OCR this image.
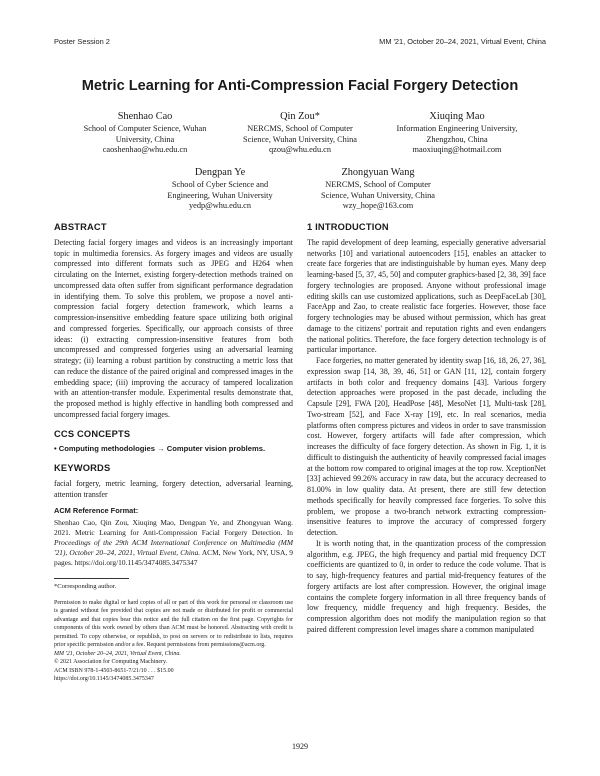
Poster Session 2	MM '21, October 20–24, 2021, Virtual Event, China
Metric Learning for Anti-Compression Facial Forgery Detection
Shenhao Cao
School of Computer Science, Wuhan
University, China
caoshenhao@whu.edu.cn
Qin Zou*
NERCMS, School of Computer
Science, Wuhan University, China
qzou@whu.edu.cn
Xiuqing Mao
Information Engineering University,
Zhengzhou, China
maoxiuqing@hotmail.com
Dengpan Ye
School of Cyber Science and
Engineering, Wuhan University
yedp@whu.edu.cn
Zhongyuan Wang
NERCMS, School of Computer
Science, Wuhan University, China
wzy_hope@163.com
ABSTRACT

Detecting facial forgery images and videos is an increasingly important topic in multimedia forensics. As forgery images and videos are usually compressed into different formats such as JPEG and H264 when circulating on the Internet, existing forgery-detection methods trained on uncompressed data often suffer from significant performance degradation in identifying them. To solve this problem, we propose a novel anti-compression facial forgery detection framework, which learns a compression-insensitive embedding feature space utilizing both original and compressed forgeries. Specifically, our approach consists of three ideas: (i) extracting compression-insensitive features from both uncompressed and compressed forgeries using an adversarial learning strategy; (ii) learning a robust partition by constructing a metric loss that can reduce the distance of the paired original and compressed images in the embedding space; (iii) improving the accuracy of tampered localization with an attention-transfer module. Experimental results demonstrate that, the proposed method is highly effective in handling both compressed and uncompressed facial forgery images.

CCS CONCEPTS

• Computing methodologies → Computer vision problems.

KEYWORDS

facial forgery, metric learning, forgery detection, adversarial learning, attention transfer

ACM Reference Format:

Shenhao Cao, Qin Zou, Xiuqing Mao, Dengpan Ye, and Zhongyuan Wang. 2021. Metric Learning for Anti-Compression Facial Forgery Detection. In Proceedings of the 29th ACM International Conference on Multimedia (MM '21), October 20–24, 2021, Virtual Event, China. ACM, New York, NY, USA, 9 pages. https://doi.org/10.1145/3474085.3475347

*Corresponding author.

Permission to make digital or hard copies of all or part of this work for personal or classroom use is granted without fee provided that copies are not made or distributed for profit or commercial advantage and that copies bear this notice and the full citation on the first page. Copyrights for components of this work owned by others than ACM must be honored. Abstracting with credit is permitted. To copy otherwise, or republish, to post on servers or to redistribute to lists, requires prior specific permission and/or a fee. Request permissions from permissions@acm.org.

MM '21, October 20–24, 2021, Virtual Event, China.

© 2021 Association for Computing Machinery.

ACM ISBN 978-1-4503-8651-7/21/10 . . . $15.00

https://doi.org/10.1145/3474085.3475347

1 INTRODUCTION

The rapid development of deep learning, especially generative adversarial networks [10] and variational autoencoders [15], enables an attacker to create face forgeries that are indistinguishable by human eyes. Many deep learning-based [5, 37, 45, 50] and computer graphics-based [2, 38, 39] face forgery technologies are proposed. Anyone without professional image editing skills can use customized applications, such as DeepFaceLab [30], FaceApp and Zao, to create realistic face forgeries. However, those face forgery technologies may be abused without permission, which has great damage to the citizens' portrait and reputation rights and even endangers the national politics. Therefore, the face forgery detection technology is of particular importance.

Face forgeries, no matter generated by identity swap [16, 18, 26, 27, 36], expression swap [14, 38, 39, 46, 51] or GAN [11, 12], contain forgery artifacts in both color and frequency domains [43]. Various forgery detection approaches were proposed in the past decade, including the Capsule [29], FWA [20], HeadPose [48], MesoNet [1], Multi-task [28], Two-stream [52], and Face X-ray [19], etc. In real scenarios, media platforms often compress pictures and videos in order to save transmission cost. However, forgery artifacts will fade after compression, which increases the difficulty of face forgery detection. As shown in Fig. 1, it is difficult to distinguish the authenticity of heavily compressed facial images at the bottom row compared to original images at the top row. XceptionNet [33] achieved 99.26% accuracy in raw data, but the accuracy decreased to 81.00% in low quality data. At present, there are still few detection methods specifically for heavily compressed face forgeries. To solve this problem, we propose a two-branch network extracting compression-insensitive features to improve the accuracy of compressed forgery detection.

It is worth noting that, in the quantization process of the compression algorithm, e.g. JPEG, the high frequency and partial mid frequency DCT coefficients are quantized to 0, in order to reduce the code volume. That is to say, high-frequency features and partial mid-frequency features of the forgery artifacts are lost after compression. However, the original image contains the complete forgery information in all three frequency bands of low frequency, middle frequency and high frequency. Besides, the compression algorithm does not modify the manipulation region so that paired different compression level images share a common manipulated

1929
